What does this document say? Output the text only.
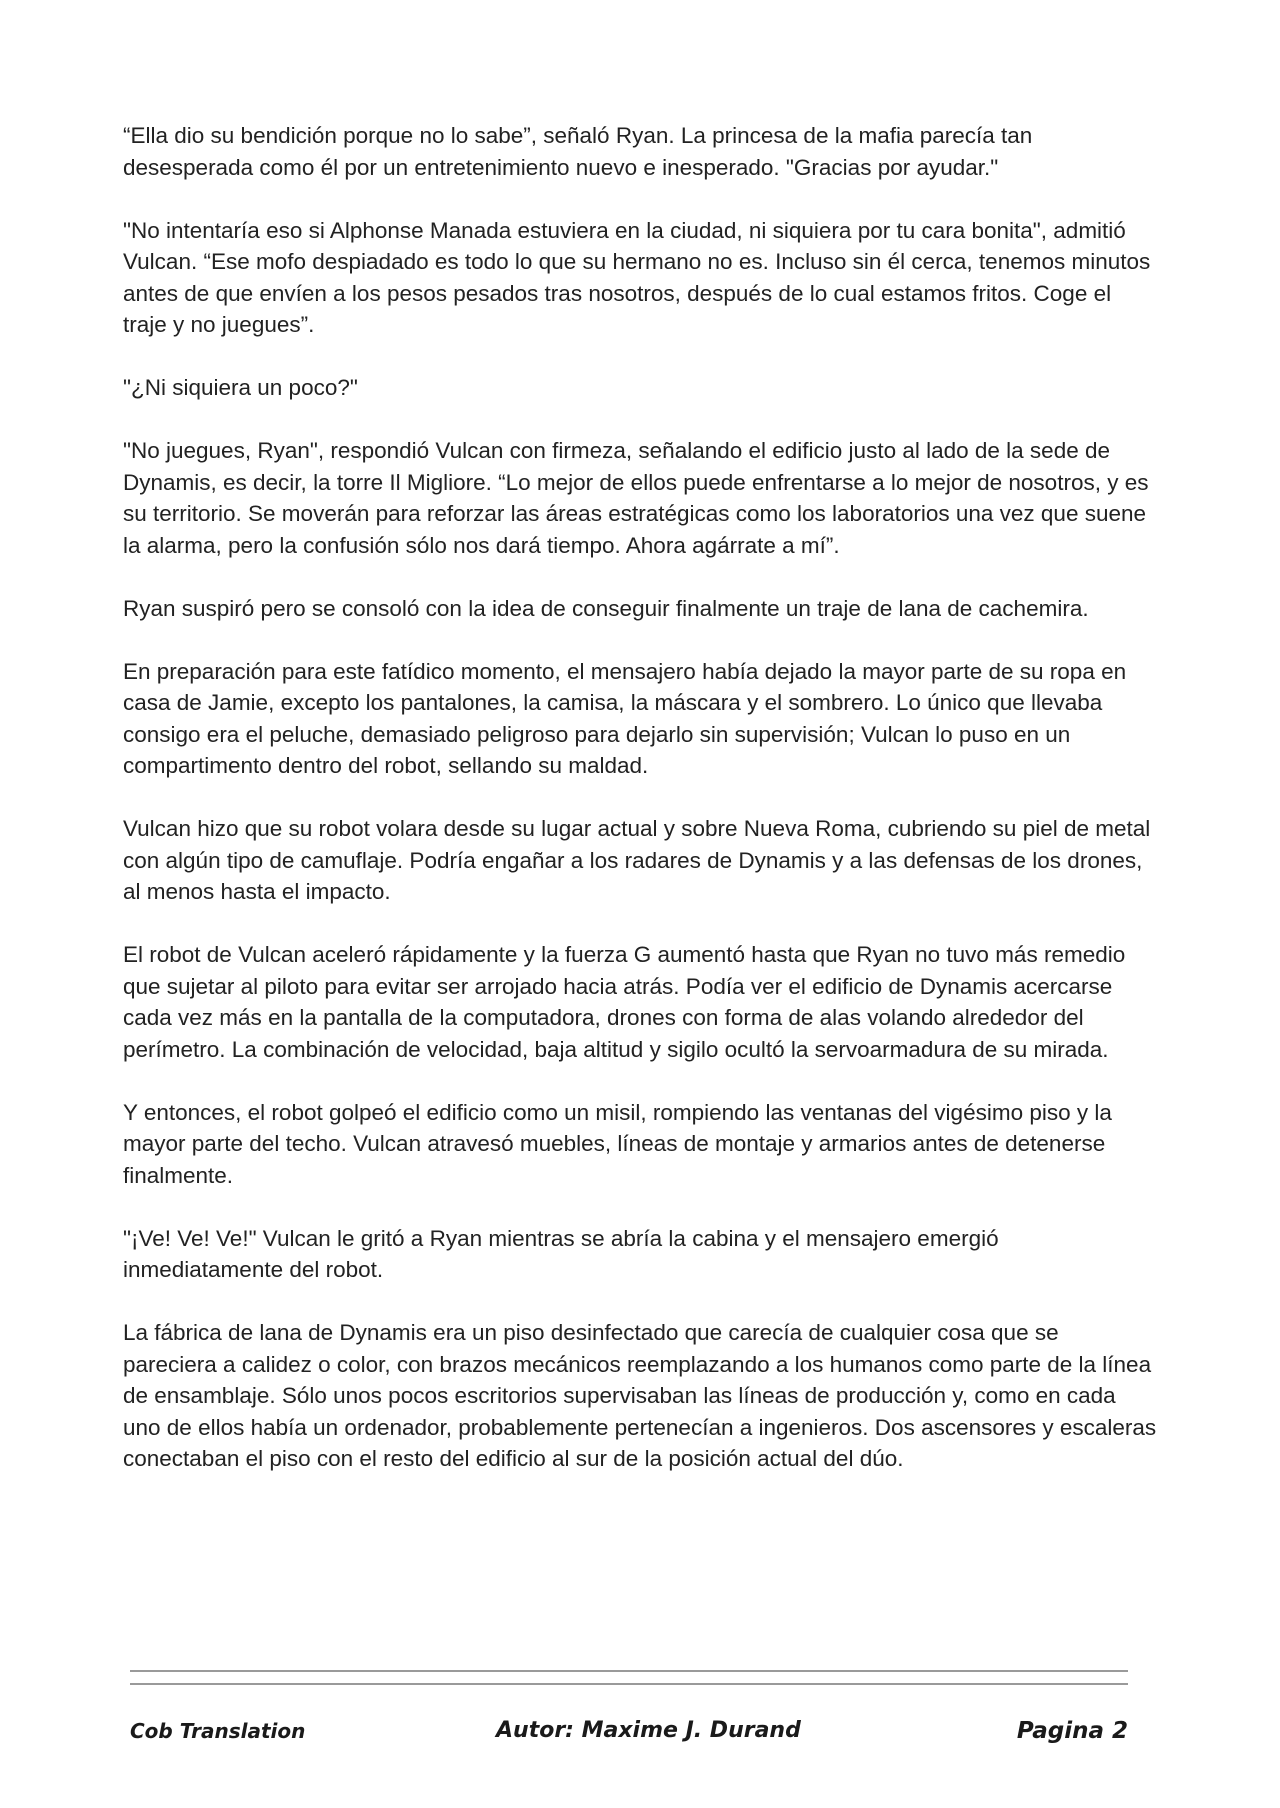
“Ella dio su bendición porque no lo sabe”, señaló Ryan. La princesa de la mafia parecía tan desesperada como él por un entretenimiento nuevo e inesperado. "Gracias por ayudar."

"No intentaría eso si Alphonse Manada estuviera en la ciudad, ni siquiera por tu cara bonita", admitió Vulcan. “Ese mofo despiadado es todo lo que su hermano no es. Incluso sin él cerca, tenemos minutos antes de que envíen a los pesos pesados tras nosotros, después de lo cual estamos fritos. Coge el traje y no juegues”.

"¿Ni siquiera un poco?"

"No juegues, Ryan", respondió Vulcan con firmeza, señalando el edificio justo al lado de la sede de Dynamis, es decir, la torre Il Migliore. “Lo mejor de ellos puede enfrentarse a lo mejor de nosotros, y es su territorio. Se moverán para reforzar las áreas estratégicas como los laboratorios una vez que suene la alarma, pero la confusión sólo nos dará tiempo. Ahora agárrate a mí”.

Ryan suspiró pero se consoló con la idea de conseguir finalmente un traje de lana de cachemira.

En preparación para este fatídico momento, el mensajero había dejado la mayor parte de su ropa en casa de Jamie, excepto los pantalones, la camisa, la máscara y el sombrero. Lo único que llevaba consigo era el peluche, demasiado peligroso para dejarlo sin supervisión; Vulcan lo puso en un compartimento dentro del robot, sellando su maldad.

Vulcan hizo que su robot volara desde su lugar actual y sobre Nueva Roma, cubriendo su piel de metal con algún tipo de camuflaje. Podría engañar a los radares de Dynamis y a las defensas de los drones, al menos hasta el impacto.

El robot de Vulcan aceleró rápidamente y la fuerza G aumentó hasta que Ryan no tuvo más remedio que sujetar al piloto para evitar ser arrojado hacia atrás. Podía ver el edificio de Dynamis acercarse cada vez más en la pantalla de la computadora, drones con forma de alas volando alrededor del perímetro. La combinación de velocidad, baja altitud y sigilo ocultó la servoarmadura de su mirada.

Y entonces, el robot golpeó el edificio como un misil, rompiendo las ventanas del vigésimo piso y la mayor parte del techo. Vulcan atravesó muebles, líneas de montaje y armarios antes de detenerse finalmente.

"¡Ve! Ve! Ve!" Vulcan le gritó a Ryan mientras se abría la cabina y el mensajero emergió inmediatamente del robot.

La fábrica de lana de Dynamis era un piso desinfectado que carecía de cualquier cosa que se pareciera a calidez o color, con brazos mecánicos reemplazando a los humanos como parte de la línea de ensamblaje. Sólo unos pocos escritorios supervisaban las líneas de producción y, como en cada uno de ellos había un ordenador, probablemente pertenecían a ingenieros. Dos ascensores y escaleras conectaban el piso con el resto del edificio al sur de la posición actual del dúo.

Cob Translation	Autor: Maxime J. Durand	Pagina 2
